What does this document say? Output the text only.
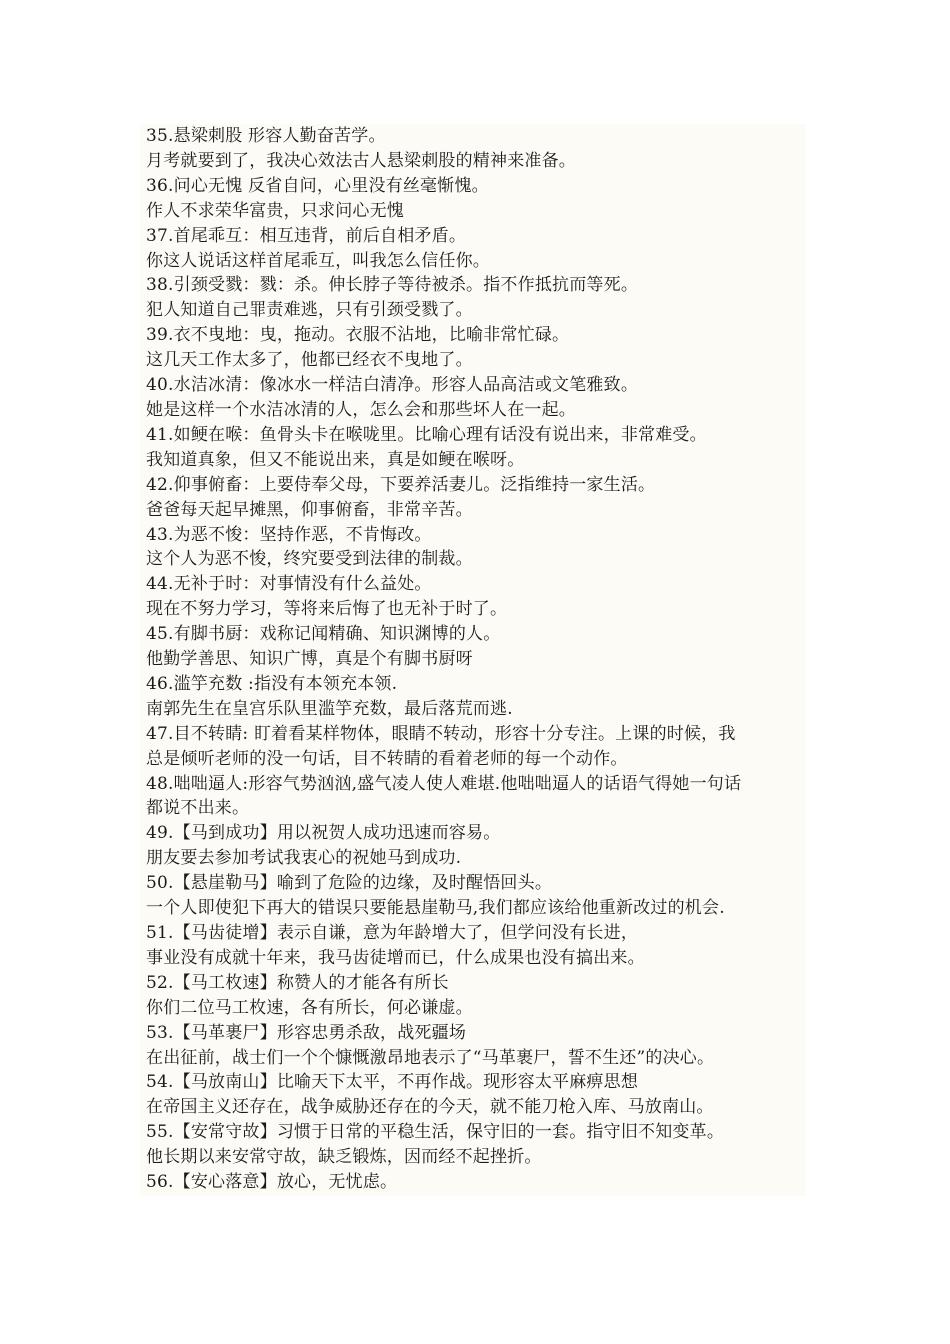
35.悬梁刺股 形容人勤奋苦学。
月考就要到了，我决心效法古人悬梁刺股的精神来准备。
36.问心无愧 反省自问，心里没有丝毫惭愧。
作人不求荣华富贵，只求问心无愧
37.首尾乖互：相互违背，前后自相矛盾。
你这人说话这样首尾乖互，叫我怎么信任你。
38.引颈受戮：戮：杀。伸长脖子等待被杀。指不作抵抗而等死。
犯人知道自己罪责难逃，只有引颈受戮了。
39.衣不曳地：曳，拖动。衣服不沾地，比喻非常忙碌。
这几天工作太多了，他都已经衣不曳地了。
40.水洁冰清：像冰水一样洁白清净。形容人品高洁或文笔雅致。
她是这样一个水洁冰清的人，怎么会和那些坏人在一起。
41.如鲠在喉：鱼骨头卡在喉咙里。比喻心理有话没有说出来，非常难受。
我知道真象，但又不能说出来，真是如鲠在喉呀。
42.仰事俯畜：上要侍奉父母，下要养活妻儿。泛指维持一家生活。
爸爸每天起早摊黑，仰事俯畜，非常辛苦。
43.为恶不悛：坚持作恶，不肯悔改。
这个人为恶不悛，终究要受到法律的制裁。
44.无补于时：对事情没有什么益处。
现在不努力学习，等将来后悔了也无补于时了。
45.有脚书厨：戏称记闻精确、知识渊博的人。
他勤学善思、知识广博，真是个有脚书厨呀
46.滥竽充数 :指没有本领充本领.
南郭先生在皇宫乐队里滥竽充数，最后落荒而逃.
47.目不转睛: 盯着看某样物体，眼睛不转动，形容十分专注。上课的时候，我
总是倾听老师的没一句话，目不转睛的看着老师的每一个动作。
48.咄咄逼人:形容气势汹汹,盛气凌人使人难堪.他咄咄逼人的话语气得她一句话
都说不出来。
49.【马到成功】用以祝贺人成功迅速而容易。
朋友要去参加考试我衷心的祝她马到成功.
50.【悬崖勒马】喻到了危险的边缘，及时醒悟回头。
一个人即使犯下再大的错误只要能悬崖勒马,我们都应该给他重新改过的机会.
51.【马齿徒增】表示自谦，意为年龄增大了，但学问没有长进，
事业没有成就十年来，我马齿徒增而已，什么成果也没有搞出来。
52.【马工枚速】称赞人的才能各有所长
你们二位马工枚速，各有所长，何必谦虚。
53.【马革裹尸】形容忠勇杀敌，战死疆场
在出征前，战士们一个个慷慨激昂地表示了“马革裹尸，誓不生还”的决心。
54.【马放南山】比喻天下太平，不再作战。现形容太平麻痹思想
在帝国主义还存在，战争威胁还存在的今天，就不能刀枪入库、马放南山。
55.【安常守故】习惯于日常的平稳生活，保守旧的一套。指守旧不知变革。
他长期以来安常守故，缺乏锻炼，因而经不起挫折。
56.【安心落意】放心，无忧虑。
